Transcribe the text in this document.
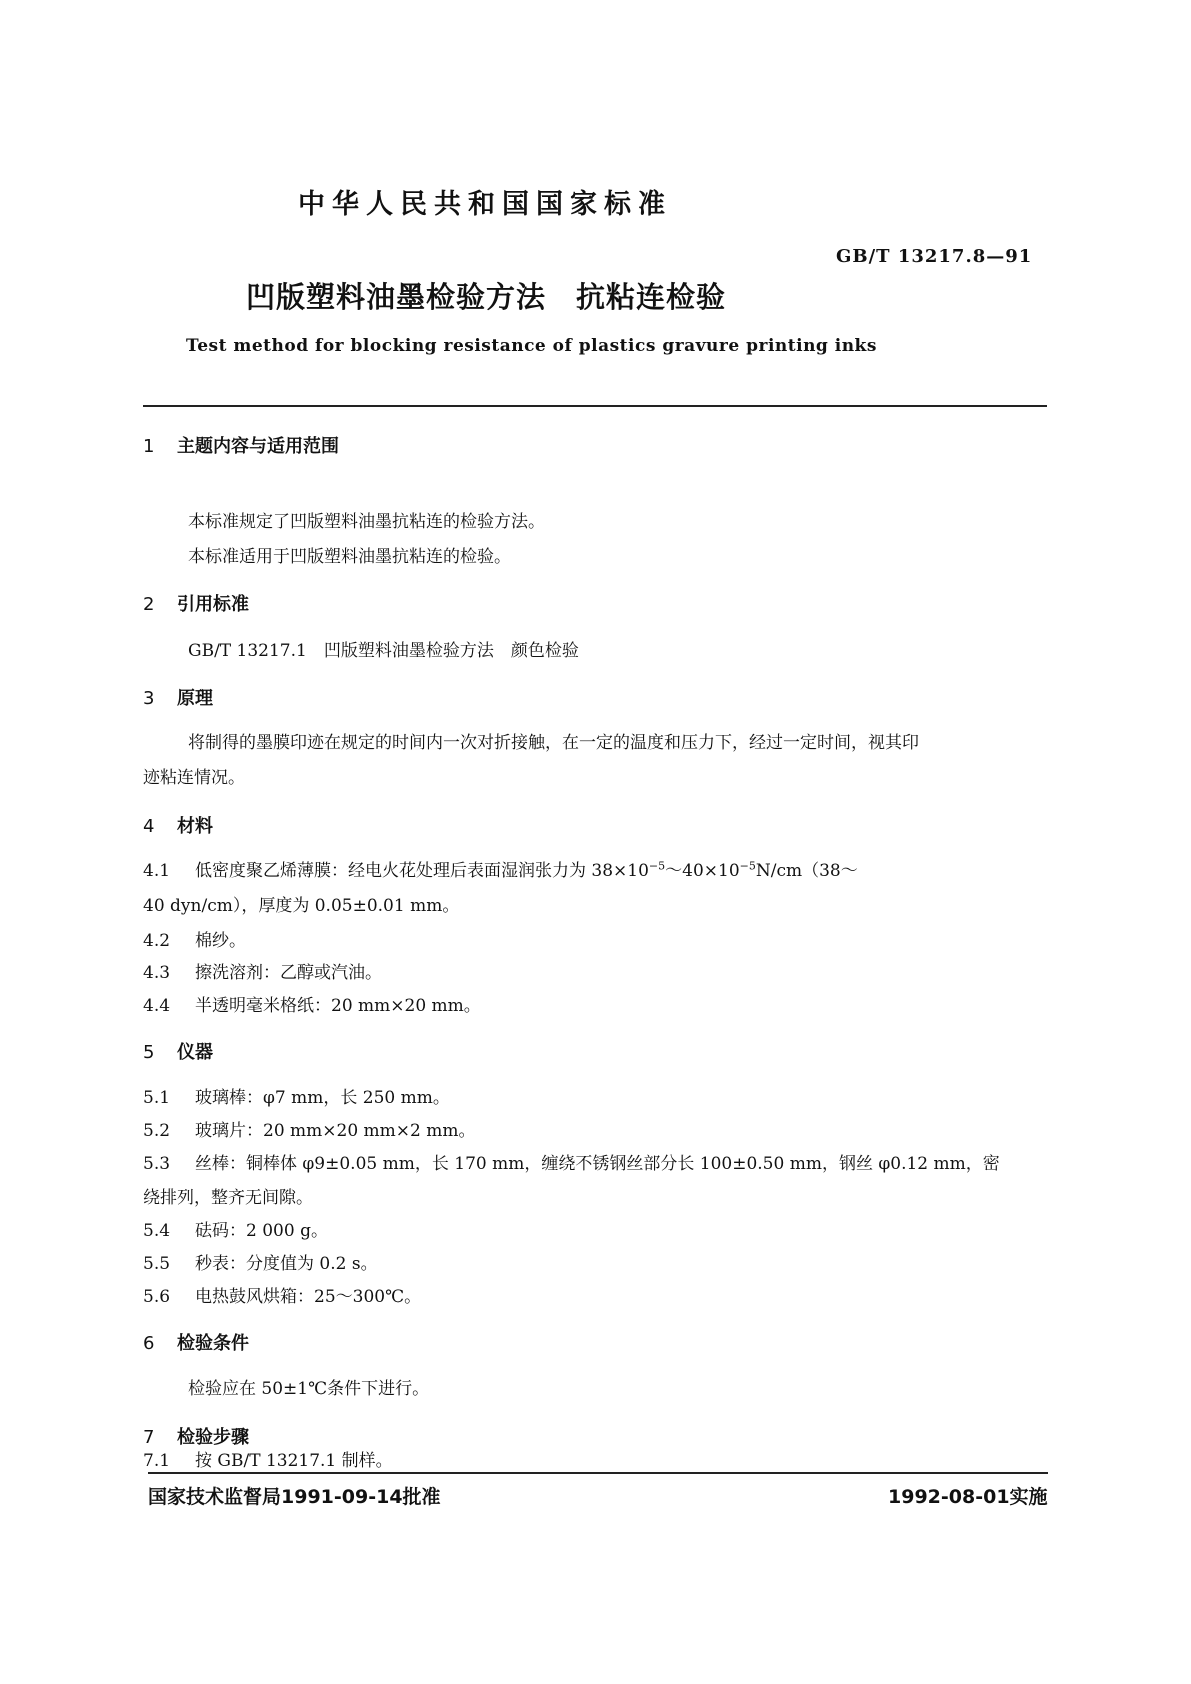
中华人民共和国国家标准
GB/T 13217.8—91
凹版塑料油墨检验方法　抗粘连检验
Test method for blocking resistance of plastics gravure printing inks
1 主题内容与适用范围
本标准规定了凹版塑料油墨抗粘连的检验方法。
本标准适用于凹版塑料油墨抗粘连的检验。
2 引用标准
GB/T 13217.1　凹版塑料油墨检验方法　颜色检验
3 原理
将制得的墨膜印迹在规定的时间内一次对折接触，在一定的温度和压力下，经过一定时间，视其印
迹粘连情况。
4 材料
4.1 低密度聚乙烯薄膜：经电火花处理后表面湿润张力为 $38\times 10^{-5}\sim 40\times 10^{-5}N/cm(38\sim$
40 dyn/cm），厚度为 0.05±0.01 mm。
4.2 棉纱。
4.3 擦洗溶剂：乙醇或汽油。
4.4 半透明毫米格纸：20 mm×20 mm。
5 仪器
5.1 玻璃棒：φ7 mm，长 250 mm。
5.2 玻璃片：20 mm×20 mm×2 mm。
5.3 丝棒：铜棒体 φ9±0.05 mm，长 170 mm，缠绕不锈钢丝部分长 100±0.50 mm，钢丝 φ0.12 mm，密
绕排列，整齐无间隙。
5.4 砝码：2 000 g。
5.5 秒表：分度值为 0.2 s。
5.6 电热鼓风烘箱：25～300℃。
6 检验条件
检验应在 50±1℃条件下进行。
7 检验步骤
7.1 按 GB/T 13217.1 制样。
国家技术监督局1991-09-14批准	1992-08-01实施
